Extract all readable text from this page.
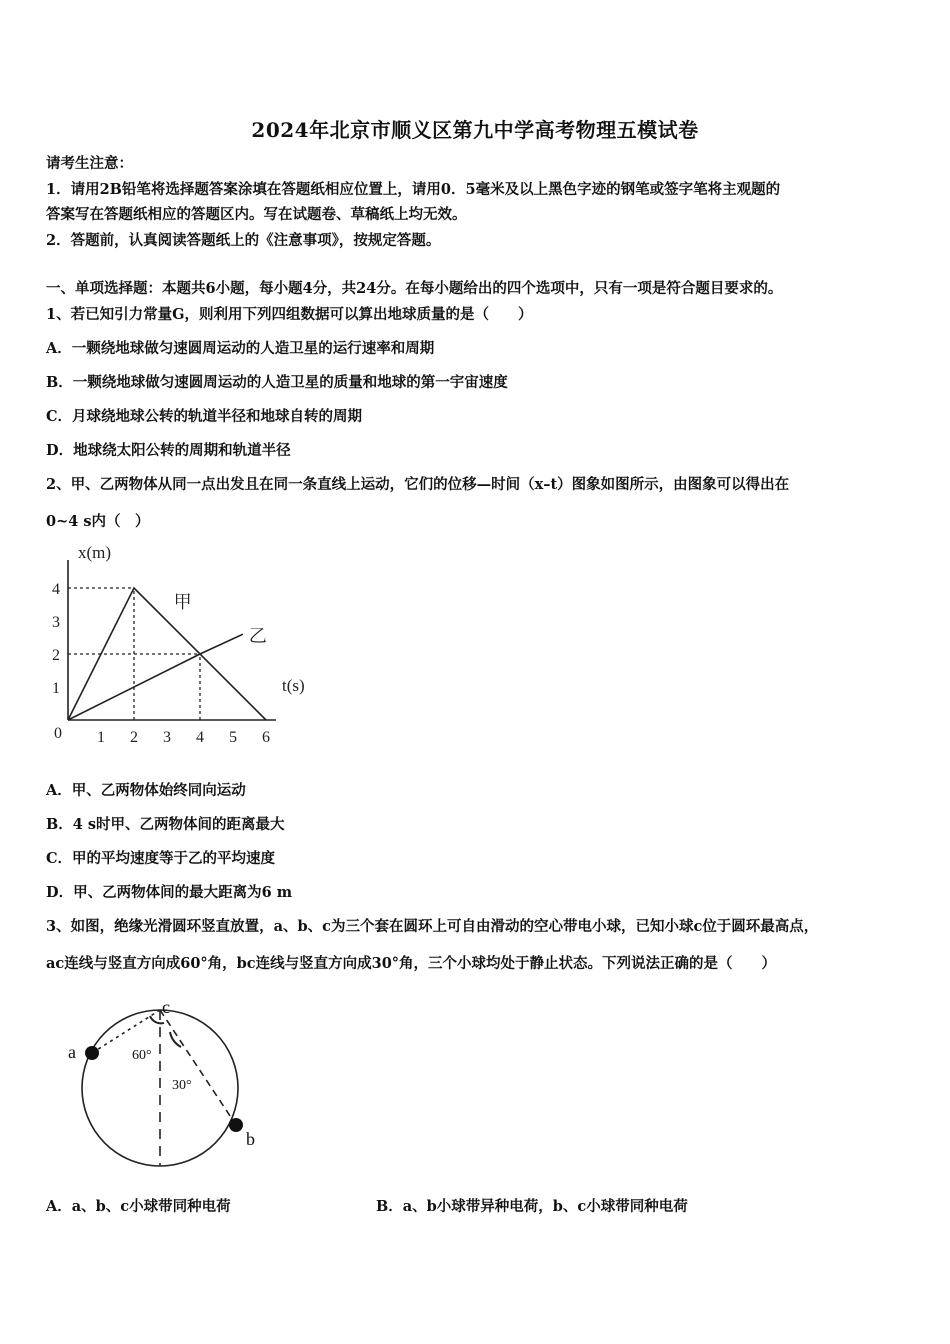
2024年北京市顺义区第九中学高考物理五模试卷
请考生注意：
1．请用2B铅笔将选择题答案涂填在答题纸相应位置上，请用0．5毫米及以上黑色字迹的钢笔或签字笔将主观题的
答案写在答题纸相应的答题区内。写在试题卷、草稿纸上均无效。
2．答题前，认真阅读答题纸上的《注意事项》，按规定答题。
一、单项选择题：本题共6小题，每小题4分，共24分。在每小题给出的四个选项中，只有一项是符合题目要求的。
1、若已知引力常量G，则利用下列四组数据可以算出地球质量的是（　　）
A．一颗绕地球做匀速圆周运动的人造卫星的运行速率和周期
B．一颗绕地球做匀速圆周运动的人造卫星的质量和地球的第一宇宙速度
C．月球绕地球公转的轨道半径和地球自转的周期
D．地球绕太阳公转的周期和轨道半径
2、甲、乙两物体从同一点出发且在同一条直线上运动，它们的位移—时间（x–t）图象如图所示，由图象可以得出在
0~4 s内（　）
1 2 3 4 5 6
1
2
3
4
0
x(m)
t(s)
甲
乙
A．甲、乙两物体始终同向运动
B．4 s时甲、乙两物体间的距离最大
C．甲的平均速度等于乙的平均速度
D．甲、乙两物体间的最大距离为6 m
3、如图，绝缘光滑圆环竖直放置，a、b、c为三个套在圆环上可自由滑动的空心带电小球，已知小球c位于圆环最高点，
ac连线与竖直方向成60°角，bc连线与竖直方向成30°角，三个小球均处于静止状态。下列说法正确的是（　　）
a
b
c
60°
30°
A．a、b、c小球带同种电荷	B．a、b小球带异种电荷，b、c小球带同种电荷
